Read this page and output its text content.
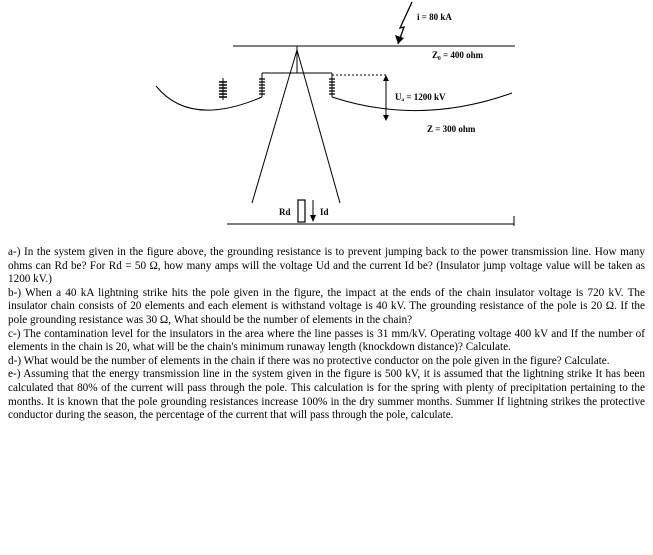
i = 80 kA
Z₀ = 400 ohm
Uₐ = 1200 kV
Z = 300 ohm
Rd	Id

a-) In the system given in the figure above, the grounding resistance is to prevent jumping back to the power transmission line. How many ohms can Rd be? For Rd = 50 Ω, how many amps will the voltage Ud and the current Id be? (Insulator jump voltage value will be taken as 1200 kV.)

b-) When a 40 kA lightning strike hits the pole given in the figure, the impact at the ends of the chain insulator voltage is 720 kV. The insulator chain consists of 20 elements and each element is withstand voltage is 40 kV. The grounding resistance of the pole is 20 Ω. If the pole grounding resistance was 30 Ω, What should be the number of elements in the chain?

c-) The contamination level for the insulators in the area where the line passes is 31 mm/kV. Operating voltage 400 kV and If the number of elements in the chain is 20, what will be the chain's minimum runaway length (knockdown distance)? Calculate.

d-) What would be the number of elements in the chain if there was no protective conductor on the pole given in the figure? Calculate.

e-) Assuming that the energy transmission line in the system given in the figure is 500 kV, it is assumed that the lightning strike It has been calculated that 80% of the current will pass through the pole. This calculation is for the spring with plenty of precipitation pertaining to the months. It is known that the pole grounding resistances increase 100% in the dry summer months. Summer If lightning strikes the protective conductor during the season, the percentage of the current that will pass through the pole, calculate.
